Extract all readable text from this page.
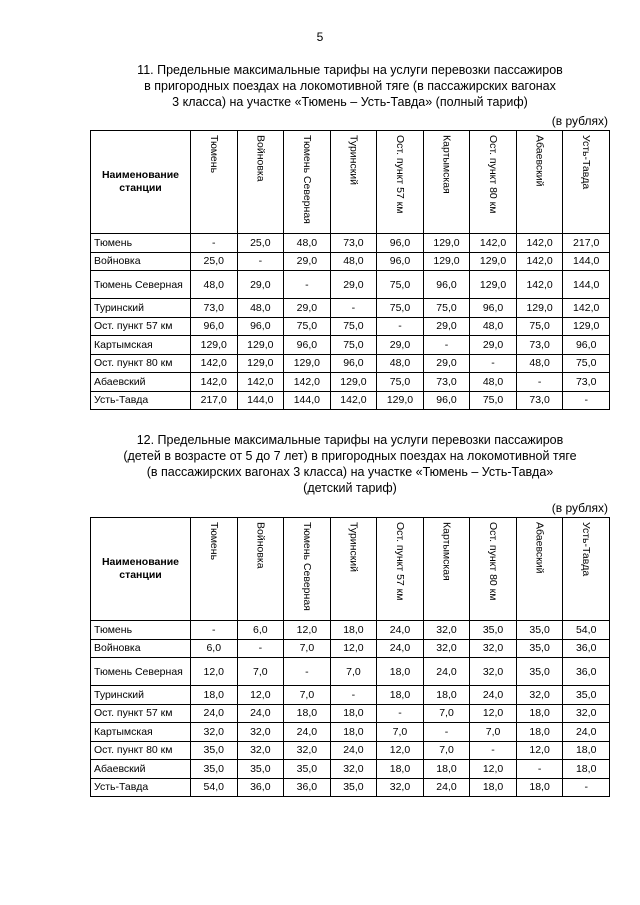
5
11. Предельные максимальные тарифы на услуги перевозки пассажиров
в пригородных поездах на локомотивной тяге (в пассажирских вагонах
3 класса) на участке «Тюмень – Усть-Тавда» (полный тариф)
(в рублях)
Наименование
станции	Тюмень	Войновка	Тюмень Северная	Туринский	Ост. пункт 57 км	Картымская	Ост. пункт 80 км	Абаевский	Усть-Тавда
Тюмень	-	25,0	48,0	73,0	96,0	129,0	142,0	142,0	217,0
Войновка	25,0	-	29,0	48,0	96,0	129,0	129,0	142,0	144,0
Тюмень Северная	48,0	29,0	-	29,0	75,0	96,0	129,0	142,0	144,0
Туринский	73,0	48,0	29,0	-	75,0	75,0	96,0	129,0	142,0
Ост. пункт 57 км	96,0	96,0	75,0	75,0	-	29,0	48,0	75,0	129,0
Картымская	129,0	129,0	96,0	75,0	29,0	-	29,0	73,0	96,0
Ост. пункт 80 км	142,0	129,0	129,0	96,0	48,0	29,0	-	48,0	75,0
Абаевский	142,0	142,0	142,0	129,0	75,0	73,0	48,0	-	73,0
Усть-Тавда	217,0	144,0	144,0	142,0	129,0	96,0	75,0	73,0	-
12. Предельные максимальные тарифы на услуги перевозки пассажиров
(детей в возрасте от 5 до 7 лет) в пригородных поездах на локомотивной тяге
(в пассажирских вагонах 3 класса) на участке «Тюмень – Усть-Тавда»
(детский тариф)
(в рублях)
Наименование
станции	Тюмень	Войновка	Тюмень Северная	Туринский	Ост. пункт 57 км	Картымская	Ост. пункт 80 км	Абаевский	Усть-Тавда
Тюмень	-	6,0	12,0	18,0	24,0	32,0	35,0	35,0	54,0
Войновка	6,0	-	7,0	12,0	24,0	32,0	32,0	35,0	36,0
Тюмень Северная	12,0	7,0	-	7,0	18,0	24,0	32,0	35,0	36,0
Туринский	18,0	12,0	7,0	-	18,0	18,0	24,0	32,0	35,0
Ост. пункт 57 км	24,0	24,0	18,0	18,0	-	7,0	12,0	18,0	32,0
Картымская	32,0	32,0	24,0	18,0	7,0	-	7,0	18,0	24,0
Ост. пункт 80 км	35,0	32,0	32,0	24,0	12,0	7,0	-	12,0	18,0
Абаевский	35,0	35,0	35,0	32,0	18,0	18,0	12,0	-	18,0
Усть-Тавда	54,0	36,0	36,0	35,0	32,0	24,0	18,0	18,0	-
